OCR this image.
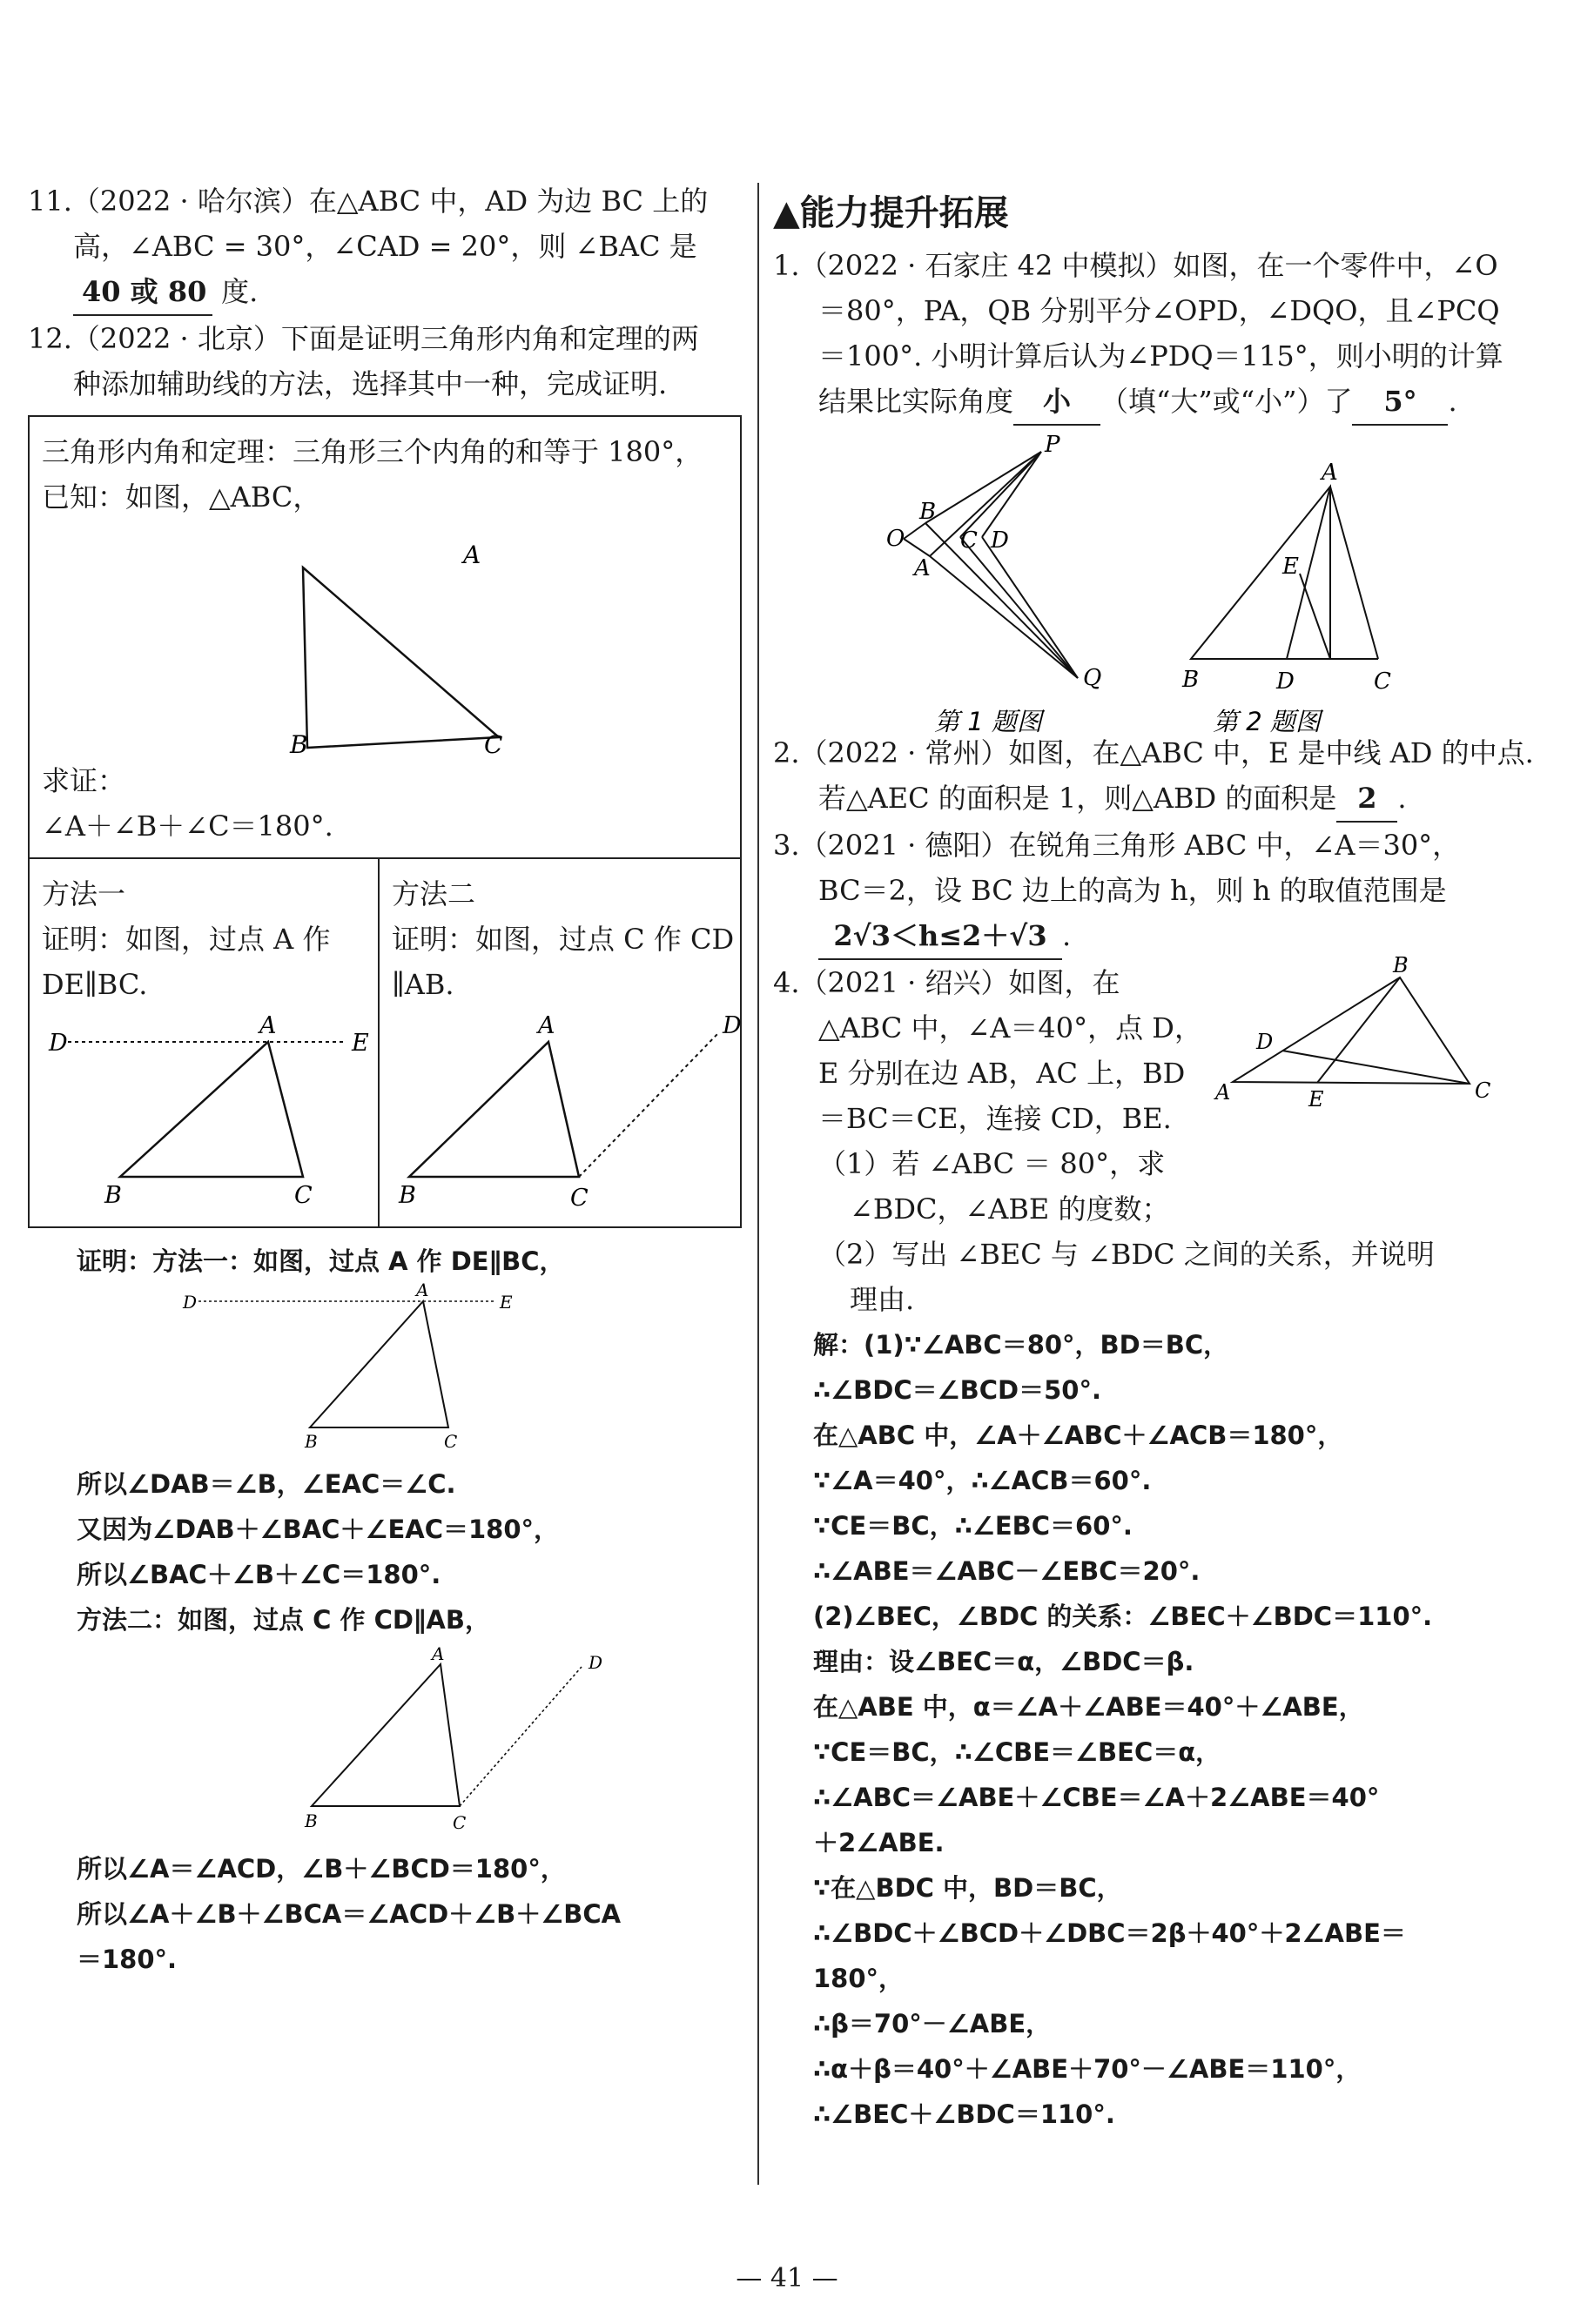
11.（2022 · 哈尔滨）在△ABC 中，AD 为边 BC 上的
高，∠ABC = 30°，∠CAD = 20°，则 ∠BAC 是
40 或 80 度.
12.（2022 · 北京）下面是证明三角形内角和定理的两
种添加辅助线的方法，选择其中一种，完成证明.
三角形内角和定理：三角形三个内角的和等于 180°，
已知：如图，△ABC，
A
B	C
求证：
∠A＋∠B＋∠C＝180°.
方法一
证明：如图，过点 A 作
DE∥BC.
D
A
E
B	C
方法二
证明：如图，过点 C 作 CD
∥AB.
A
B	C
D
证明：方法一：如图，过点 A 作 DE∥BC，
D
A
E
B	C
所以∠DAB＝∠B，∠EAC＝∠C.
又因为∠DAB＋∠BAC＋∠EAC＝180°，
所以∠BAC＋∠B＋∠C＝180°.
方法二：如图，过点 C 作 CD∥AB，
A
B	C
D
所以∠A＝∠ACD，∠B＋∠BCD＝180°，
所以∠A＋∠B＋∠BCA＝∠ACD＋∠B＋∠BCA
＝180°.
▲能力提升拓展
1.（2022 · 石家庄 42 中模拟）如图，在一个零件中，∠O
＝80°，PA，QB 分别平分∠OPD，∠DQO，且∠PCQ
＝100°. 小明计算后认为∠PDQ＝115°，则小明的计算
结果比实际角度 小 （填“大”或“小”）了 5° .
P
B
O C D
A
Q
第 1 题图
A
E
B	D	C
第 2 题图
2.（2022 · 常州）如图，在△ABC 中，E 是中线 AD 的中点.
若△AEC 的面积是 1，则△ABD 的面积是 2 .
3.（2021 · 德阳）在锐角三角形 ABC 中，∠A＝30°，
BC＝2，设 BC 边上的高为 h，则 h 的取值范围是
2√3＜h≤2＋√3 .
4.（2021 · 绍兴）如图，在
△ABC 中，∠A＝40°，点 D，
E 分别在边 AB，AC 上，BD
＝BC＝CE，连接 CD，BE.
（1）若 ∠ABC ＝ 80°，求
∠BDC，∠ABE 的度数；
（2）写出 ∠BEC 与 ∠BDC 之间的关系，并说明
理由.
B
D
A	E	C
解：(1)∵∠ABC＝80°，BD＝BC，
∴∠BDC＝∠BCD＝50°.
在△ABC 中，∠A＋∠ABC＋∠ACB＝180°，
∵∠A＝40°，∴∠ACB＝60°.
∵CE＝BC，∴∠EBC＝60°.
∴∠ABE＝∠ABC－∠EBC＝20°.
(2)∠BEC，∠BDC 的关系：∠BEC＋∠BDC＝110°.
理由：设∠BEC＝α，∠BDC＝β.
在△ABE 中，α＝∠A＋∠ABE＝40°＋∠ABE，
∵CE＝BC，∴∠CBE＝∠BEC＝α，
∴∠ABC＝∠ABE＋∠CBE＝∠A＋2∠ABE＝40°
＋2∠ABE.
∵在△BDC 中，BD＝BC，
∴∠BDC＋∠BCD＋∠DBC＝2β＋40°＋2∠ABE＝
180°，
∴β＝70°－∠ABE，
∴α＋β＝40°＋∠ABE＋70°－∠ABE＝110°，
∴∠BEC＋∠BDC＝110°.
— 41 —
